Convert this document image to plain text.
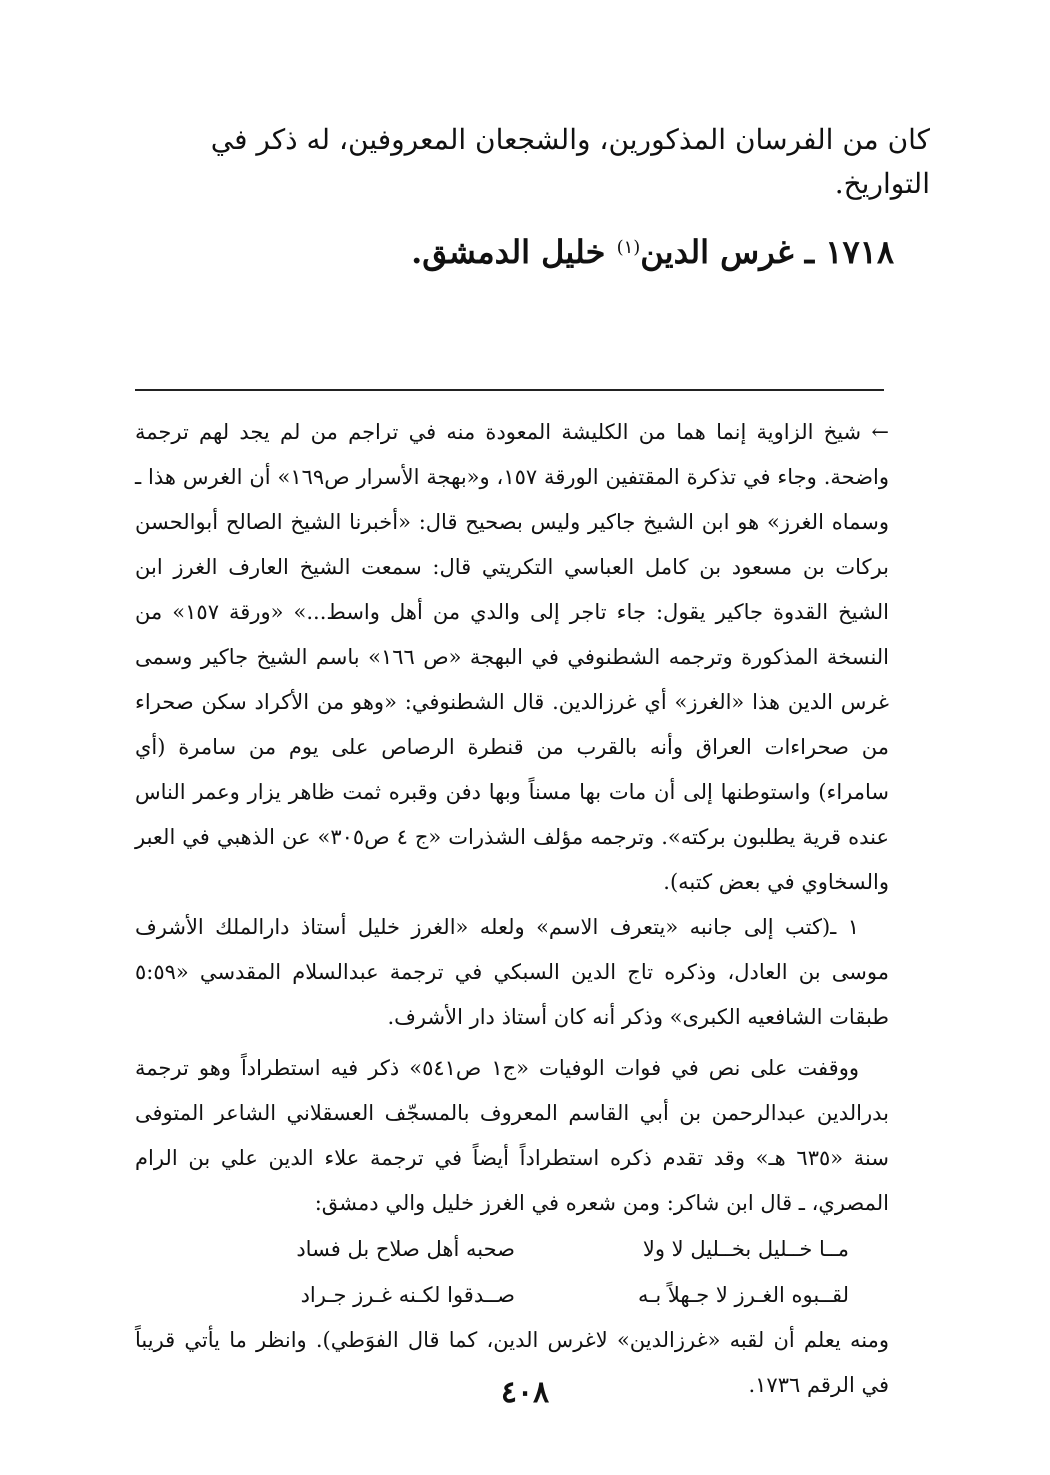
كان من الفرسان المذكورين، والشجعان المعروفين، له ذكر في التواريخ.
١٧١٨ ـ غرس الدين$^{(١)}$ خليل الدمشق.

← شيخ الزاوية إنما هما من الكليشة المعودة منه في تراجم من لم يجد لهم ترجمة واضحة. وجاء في تذكرة المقتفين الورقة ١٥٧، و«بهجة الأسرار ص١٦٩» أن الغرس هذا ـ وسماه الغرز» هو ابن الشيخ جاكير وليس بصحيح قال: «أخبرنا الشيخ الصالح أبوالحسن بركات بن مسعود بن كامل العباسي التكريتي قال: سمعت الشيخ العارف الغرز ابن الشيخ القدوة جاكير يقول: جاء تاجر إلى والدي من أهل واسط...» «ورقة ١٥٧» من النسخة المذكورة وترجمه الشطنوفي في البهجة «ص ١٦٦» باسم الشيخ جاكير وسمى غرس الدين هذا «الغرز» أي غرزالدين. قال الشطنوفي: «وهو من الأكراد سكن صحراء من صحراءات العراق وأنه بالقرب من قنطرة الرصاص على يوم من سامرة (أي سامراء) واستوطنها إلى أن مات بها مسناً وبها دفن وقبره ثمت ظاهر يزار وعمر الناس عنده قرية يطلبون بركته». وترجمه مؤلف الشذرات «ج ٤ ص٣٠٥» عن الذهبي في العبر والسخاوي في بعض كتبه).

١ ـ(كتب إلى جانبه «يتعرف الاسم» ولعله «الغرز خليل أستاذ دارالملك الأشرف موسى بن العادل، وذكره تاج الدين السبكي في ترجمة عبدالسلام المقدسي «٥:٥٩ طبقات الشافعيه الكبرى» وذكر أنه كان أستاذ دار الأشرف.

ووقفت على نص في فوات الوفيات «ج١ ص٥٤١» ذكر فيه استطراداً وهو ترجمة بدرالدين عبدالرحمن بن أبي القاسم المعروف بالمسجّف العسقلاني الشاعر المتوفى سنة «٦٣٥ هـ» وقد تقدم ذكره استطراداً أيضاً في ترجمة علاء الدين علي بن الرام المصري، ـ قال ابن شاكر: ومن شعره في الغرز خليل والي دمشق:

مــا خــليل بخــليل لا ولا
صحبه أهل صلاح بل فساد
لقــبوه الغـرز لا جـهلاً بـه
صــدقوا لكـنه غـرز جـراد

ومنه يعلم أن لقبه «غرزالدين» لاغرس الدين، كما قال الفوَطي). وانظر ما يأتي قريباً في الرقم ١٧٣٦.

٤٠٨
